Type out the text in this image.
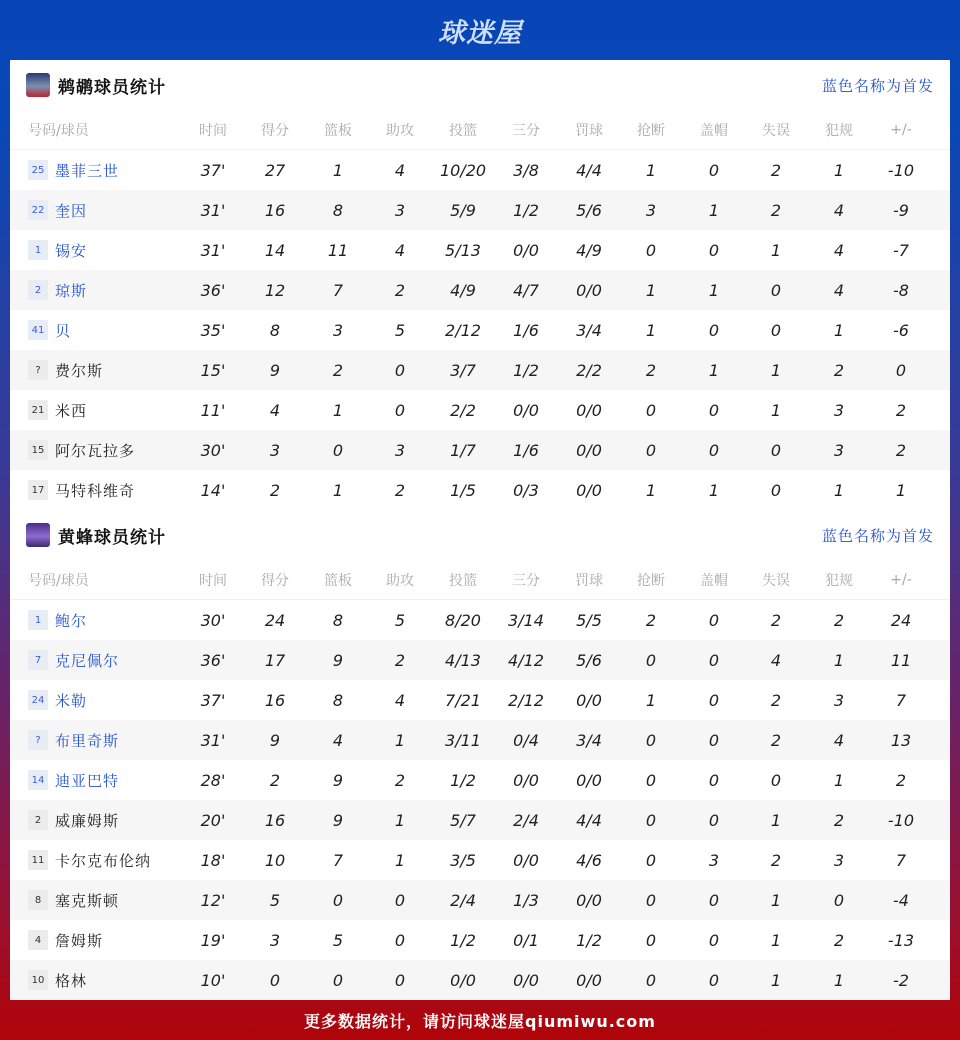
球迷屋
鹈鹕球员统计	蓝色名称为首发
号码/球员	时间	得分	篮板	助攻	投篮	三分	罚球	抢断	盖帽	失误	犯规	+/-
25 墨菲三世	37'	27	1	4	10/20	3/8	4/4	1	0	2	1	-10
22 奎因	31'	16	8	3	5/9	1/2	5/6	3	1	2	4	-9
1 锡安	31'	14	11	4	5/13	0/0	4/9	0	0	1	4	-7
2 琼斯	36'	12	7	2	4/9	4/7	0/0	1	1	0	4	-8
41 贝	35'	8	3	5	2/12	1/6	3/4	1	0	0	1	-6
? 费尔斯	15'	9	2	0	3/7	1/2	2/2	2	1	1	2	0
21 米西	11'	4	1	0	2/2	0/0	0/0	0	0	1	3	2
15 阿尔瓦拉多	30'	3	0	3	1/7	1/6	0/0	0	0	0	3	2
17 马特科维奇	14'	2	1	2	1/5	0/3	0/0	1	1	0	1	1
黄蜂球员统计	蓝色名称为首发
号码/球员	时间	得分	篮板	助攻	投篮	三分	罚球	抢断	盖帽	失误	犯规	+/-
1 鲍尔	30'	24	8	5	8/20	3/14	5/5	2	0	2	2	24
7 克尼佩尔	36'	17	9	2	4/13	4/12	5/6	0	0	4	1	11
24 米勒	37'	16	8	4	7/21	2/12	0/0	1	0	2	3	7
? 布里奇斯	31'	9	4	1	3/11	0/4	3/4	0	0	2	4	13
14 迪亚巴特	28'	2	9	2	1/2	0/0	0/0	0	0	0	1	2
2 威廉姆斯	20'	16	9	1	5/7	2/4	4/4	0	0	1	2	-10
11 卡尔克布伦纳	18'	10	7	1	3/5	0/0	4/6	0	3	2	3	7
8 塞克斯顿	12'	5	0	0	2/4	1/3	0/0	0	0	1	0	-4
4 詹姆斯	19'	3	5	0	1/2	0/1	1/2	0	0	1	2	-13
10 格林	10'	0	0	0	0/0	0/0	0/0	0	0	1	1	-2
更多数据统计，请访问球迷屋qiumiwu.com
